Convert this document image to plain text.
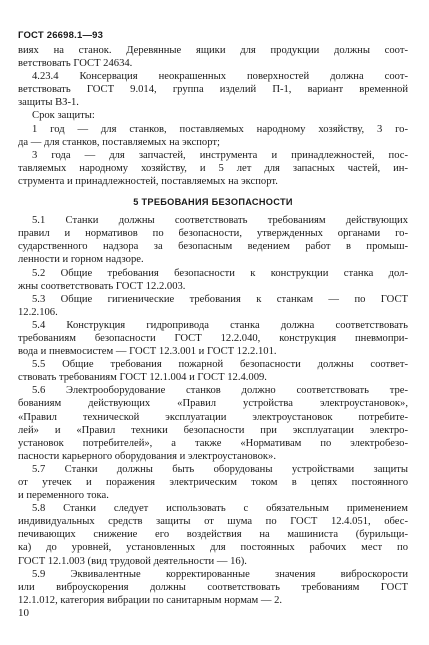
ГОСТ 26698.1—93
виях на станок. Деревянные ящики для продукции должны соот-
ветствовать ГОСТ 24634.
4.23.4 Консервация неокрашенных поверхностей должна соот-
ветствовать ГОСТ 9.014, группа изделий П-1, вариант временной
защиты ВЗ-1.
Срок защиты:
1 год — для станков, поставляемых народному хозяйству, 3 го-
да — для станков, поставляемых на экспорт;
3 года — для запчастей, инструмента и принадлежностей, пос-
тавляемых народному хозяйству, и 5 лет для запасных частей, ин-
струмента и принадлежностей, поставляемых на экспорт.
5 ТРЕБОВАНИЯ БЕЗОПАСНОСТИ
5.1 Станки должны соответствовать требованиям действующих
правил и нормативов по безопасности, утвержденных органами го-
сударственного надзора за безопасным ведением работ в промыш-
ленности и горном надзоре.
5.2 Общие требования безопасности к конструкции станка дол-
жны соответствовать ГОСТ 12.2.003.
5.3 Общие гигиенические требования к станкам — по ГОСТ
12.2.106.
5.4 Конструкция гидропривода станка должна соответствовать
требованиям безопасности ГОСТ 12.2.040, конструкция пневмопри-
вода и пневмосистем — ГОСТ 12.3.001 и ГОСТ 12.2.101.
5.5 Общие требования пожарной безопасности должны соответ-
ствовать требованиям ГОСТ 12.1.004 и ГОСТ 12.4.009.
5.6 Электрооборудование станков должно соответствовать тре-
бованиям действующих «Правил устройства электроустановок»,
«Правил технической эксплуатации электроустановок потребите-
лей» и «Правил техники безопасности при эксплуатации электро-
установок потребителей», а также «Нормативам по электробезо-
пасности карьерного оборудования и электроустановок».
5.7 Станки должны быть оборудованы устройствами защиты
от утечек и поражения электрическим током в цепях постоянного
и переменного тока.
5.8 Станки следует использовать с обязательным применением
индивидуальных средств защиты от шума по ГОСТ 12.4.051, обес-
печивающих снижение его воздействия на машиниста (бурильщи-
ка) до уровней, установленных для постоянных рабочих мест по
ГОСТ 12.1.003 (вид трудовой деятельности — 16).
5.9 Эквивалентные корректированные значения виброскорости
или виброускорения должны соответствовать требованиям ГОСТ
12.1.012, категория вибрации по санитарным нормам — 2.
10
